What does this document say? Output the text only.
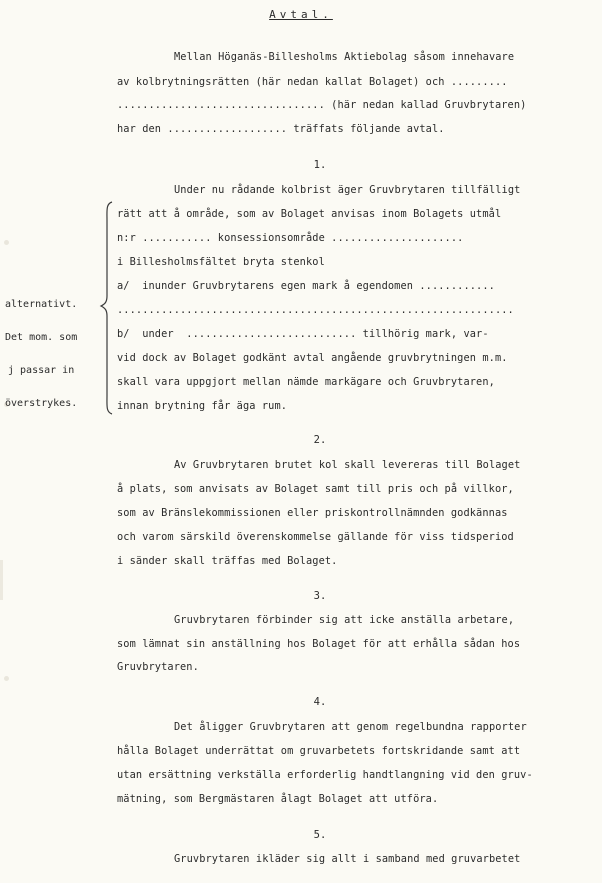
Avtal.
Mellan Höganäs-Billesholms Aktiebolag såsom innehavare
av kolbrytningsrätten (här nedan kallat Bolaget) och .........
................................. (här nedan kallad Gruvbrytaren)
har den ................... träffats följande avtal.
1.
Under nu rådande kolbrist äger Gruvbrytaren tillfälligt
rätt att å område, som av Bolaget anvisas inom Bolagets utmål
n:r ........... konsessionsområde .....................
i Billesholmsfältet bryta stenkol
a/  inunder Gruvbrytarens egen mark å egendomen ............
...............................................................
b/  under  ........................... tillhörig mark, var-
vid dock av Bolaget godkänt avtal angående gruvbrytningen m.m.
skall vara uppgjort mellan nämde markägare och Gruvbrytaren,
innan brytning får äga rum.

alternativt.

Det mom. som

j passar in

överstrykes.

2.
Av Gruvbrytaren brutet kol skall levereras till Bolaget
å plats, som anvisats av Bolaget samt till pris och på villkor,
som av Bränslekommissionen eller priskontrollnämnden godkännas
och varom särskild överenskommelse gällande för viss tidsperiod
i sänder skall träffas med Bolaget.
3.
Gruvbrytaren förbinder sig att icke anställa arbetare,
som lämnat sin anställning hos Bolaget för att erhålla sådan hos
Gruvbrytaren.
4.
Det åligger Gruvbrytaren att genom regelbundna rapporter
hålla Bolaget underrättat om gruvarbetets fortskridande samt att
utan ersättning verkställa erforderlig handtlangning vid den gruv-
mätning, som Bergmästaren ålagt Bolaget att utföra.
5.
Gruvbrytaren ikläder sig allt i samband med gruvarbetet
